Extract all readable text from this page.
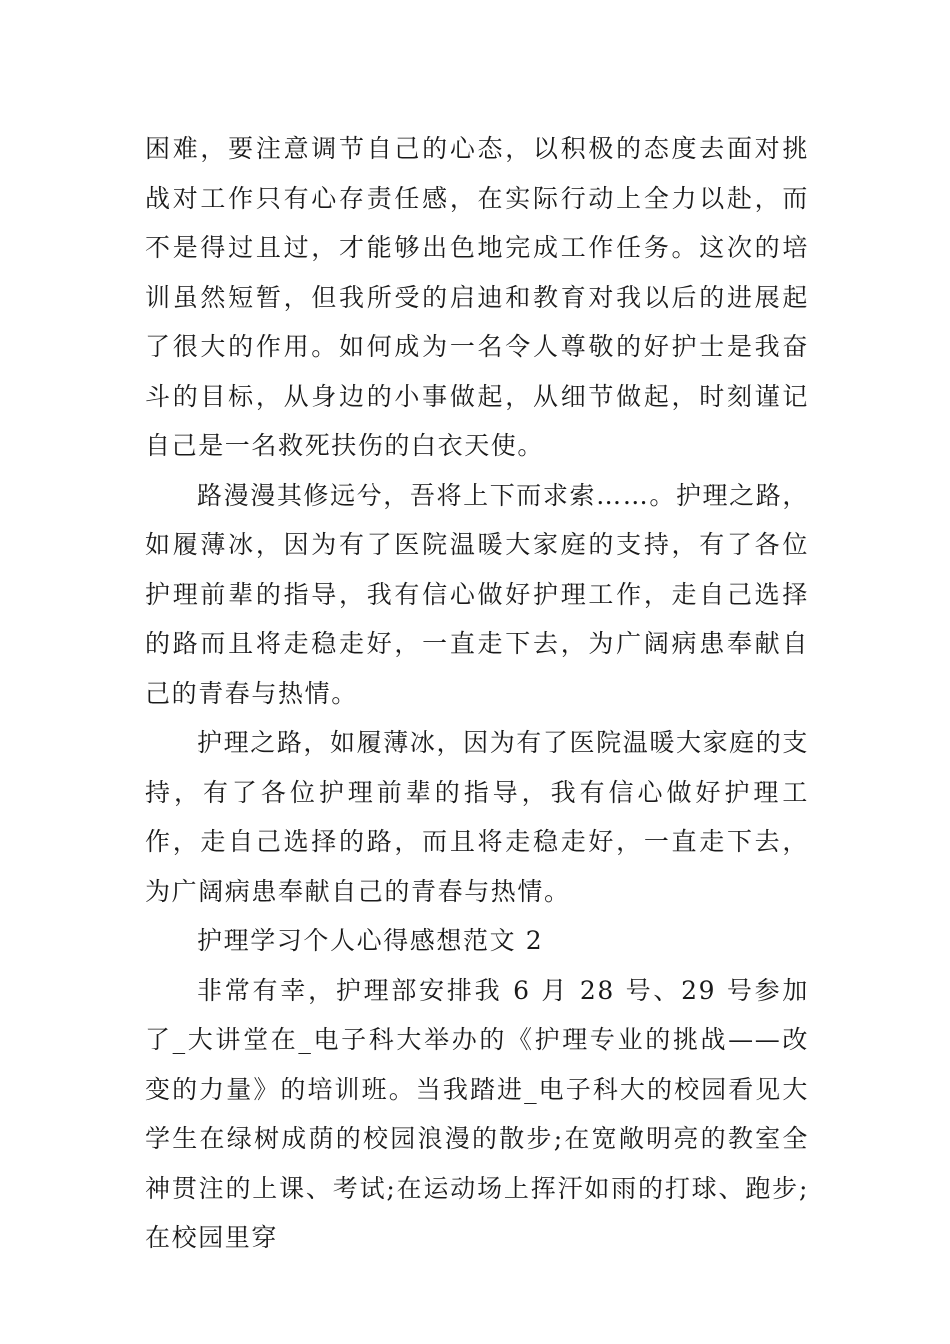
困难，要注意调节自己的心态，以积极的态度去面对挑战对工作只有心存责任感，在实际行动上全力以赴，而不是得过且过，才能够出色地完成工作任务。这次的培训虽然短暂，但我所受的启迪和教育对我以后的进展起了很大的作用。如何成为一名令人尊敬的好护士是我奋斗的目标，从身边的小事做起，从细节做起，时刻谨记自己是一名救死扶伤的白衣天使。

路漫漫其修远兮，吾将上下而求索……。护理之路，如履薄冰，因为有了医院温暖大家庭的支持，有了各位护理前辈的指导，我有信心做好护理工作，走自己选择的路而且将走稳走好，一直走下去，为广阔病患奉献自己的青春与热情。

护理之路，如履薄冰，因为有了医院温暖大家庭的支持，有了各位护理前辈的指导，我有信心做好护理工作，走自己选择的路，而且将走稳走好，一直走下去，为广阔病患奉献自己的青春与热情。

护理学习个人心得感想范文 2

非常有幸，护理部安排我 6 月 28 号、29 号参加了_大讲堂在_电子科大举办的《护理专业的挑战——改变的力量》的培训班。当我踏进_电子科大的校园看见大学生在绿树成荫的校园浪漫的散步;在宽敞明亮的教室全神贯注的上课、考试;在运动场上挥汗如雨的打球、跑步;在校园里穿
